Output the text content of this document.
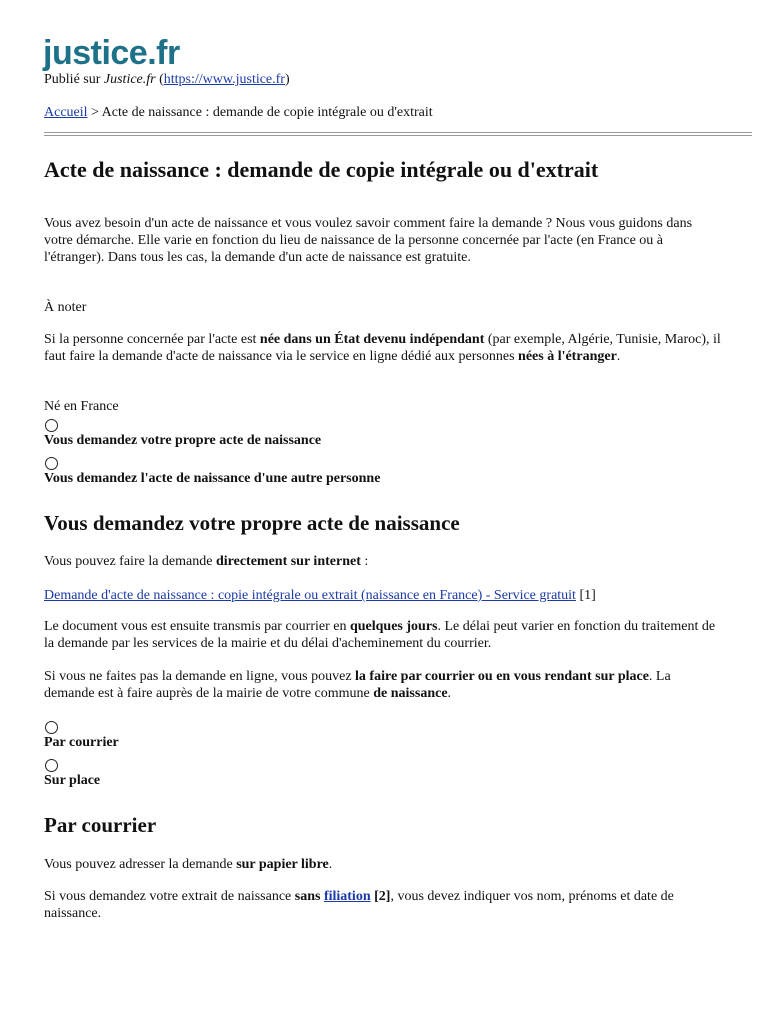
justice.fr
Publié sur Justice.fr (https://www.justice.fr)
Accueil > Acte de naissance : demande de copie intégrale ou d'extrait
Acte de naissance : demande de copie intégrale ou d'extrait

Vous avez besoin d'un acte de naissance et vous voulez savoir comment faire la demande ? Nous vous guidons dans votre démarche. Elle varie en fonction du lieu de naissance de la personne concernée par l'acte (en France ou à l'étranger). Dans tous les cas, la demande d'un acte de naissance est gratuite.

À noter

Si la personne concernée par l'acte est née dans un État devenu indépendant (par exemple, Algérie, Tunisie, Maroc), il faut faire la demande d'acte de naissance via le service en ligne dédié aux personnes nées à l'étranger.

Né en France

Vous demandez votre propre acte de naissance
Vous demandez l'acte de naissance d'une autre personne
Vous demandez votre propre acte de naissance

Vous pouvez faire la demande directement sur internet :

Demande d'acte de naissance : copie intégrale ou extrait (naissance en France) - Service gratuit [1]

Le document vous est ensuite transmis par courrier en quelques jours. Le délai peut varier en fonction du traitement de la demande par les services de la mairie et du délai d'acheminement du courrier.

Si vous ne faites pas la demande en ligne, vous pouvez la faire par courrier ou en vous rendant sur place. La demande est à faire auprès de la mairie de votre commune de naissance.

Par courrier
Sur place
Par courrier

Vous pouvez adresser la demande sur papier libre.

Si vous demandez votre extrait de naissance sans filiation [2], vous devez indiquer vos nom, prénoms et date de naissance.
